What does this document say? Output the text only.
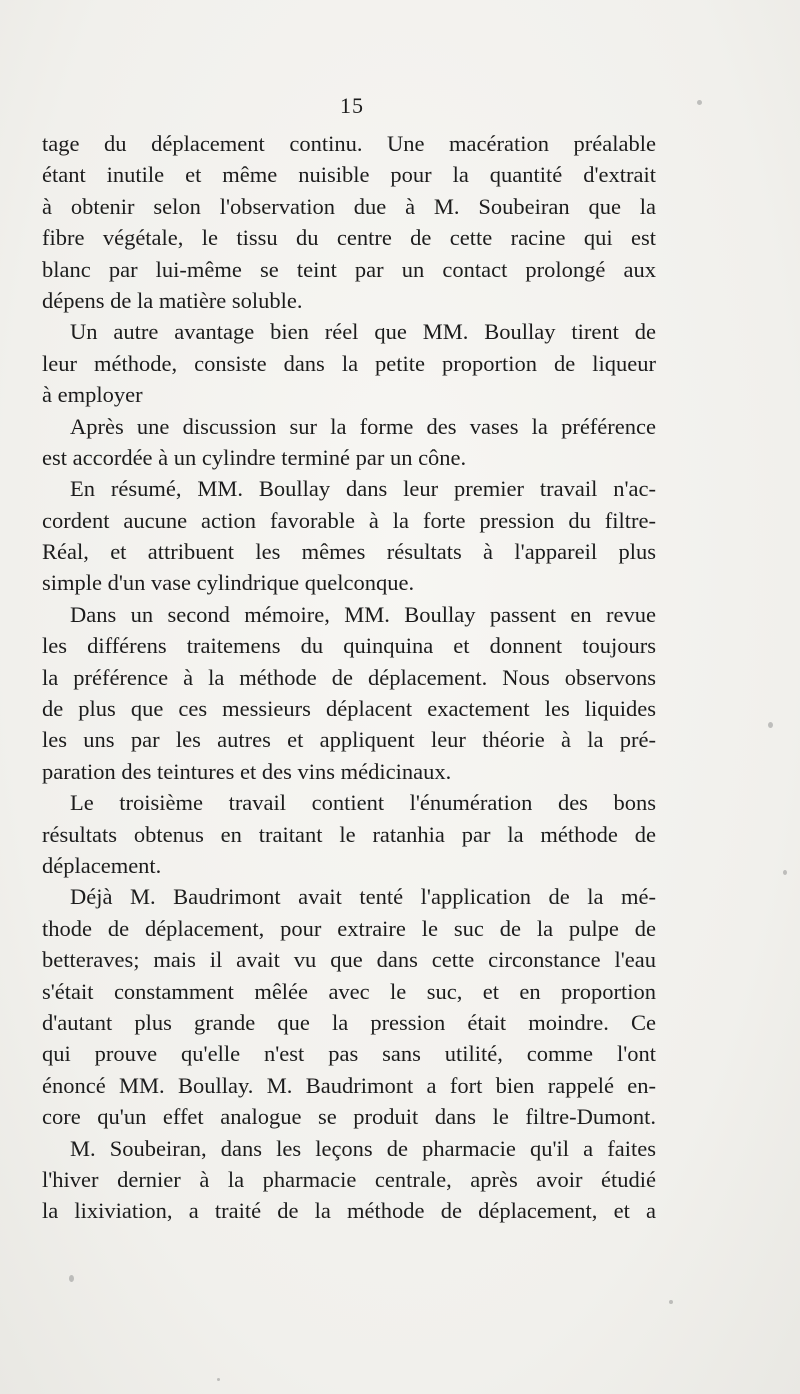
15
tage du déplacement continu. Une macération préalable
étant inutile et même nuisible pour la quantité d'extrait
à obtenir selon l'observation due à M. Soubeiran que la
fibre végétale, le tissu du centre de cette racine qui est
blanc par lui-même se teint par un contact prolongé aux
dépens de la matière soluble.
Un autre avantage bien réel que MM. Boullay tirent de
leur méthode, consiste dans la petite proportion de liqueur
à employer
Après une discussion sur la forme des vases la préférence
est accordée à un cylindre terminé par un cône.
En résumé, MM. Boullay dans leur premier travail n'ac-
cordent aucune action favorable à la forte pression du filtre-
Réal, et attribuent les mêmes résultats à l'appareil plus
simple d'un vase cylindrique quelconque.
Dans un second mémoire, MM. Boullay passent en revue
les différens traitemens du quinquina et donnent toujours
la préférence à la méthode de déplacement. Nous observons
de plus que ces messieurs déplacent exactement les liquides
les uns par les autres et appliquent leur théorie à la pré-
paration des teintures et des vins médicinaux.
Le troisième travail contient l'énumération des bons
résultats obtenus en traitant le ratanhia par la méthode de
déplacement.
Déjà M. Baudrimont avait tenté l'application de la mé-
thode de déplacement, pour extraire le suc de la pulpe de
betteraves; mais il avait vu que dans cette circonstance l'eau
s'était constamment mêlée avec le suc, et en proportion
d'autant plus grande que la pression était moindre. Ce
qui prouve qu'elle n'est pas sans utilité, comme l'ont
énoncé MM. Boullay. M. Baudrimont a fort bien rappelé en-
core qu'un effet analogue se produit dans le filtre-Dumont.
M. Soubeiran, dans les leçons de pharmacie qu'il a faites
l'hiver dernier à la pharmacie centrale, après avoir étudié
la lixiviation, a traité de la méthode de déplacement, et a
